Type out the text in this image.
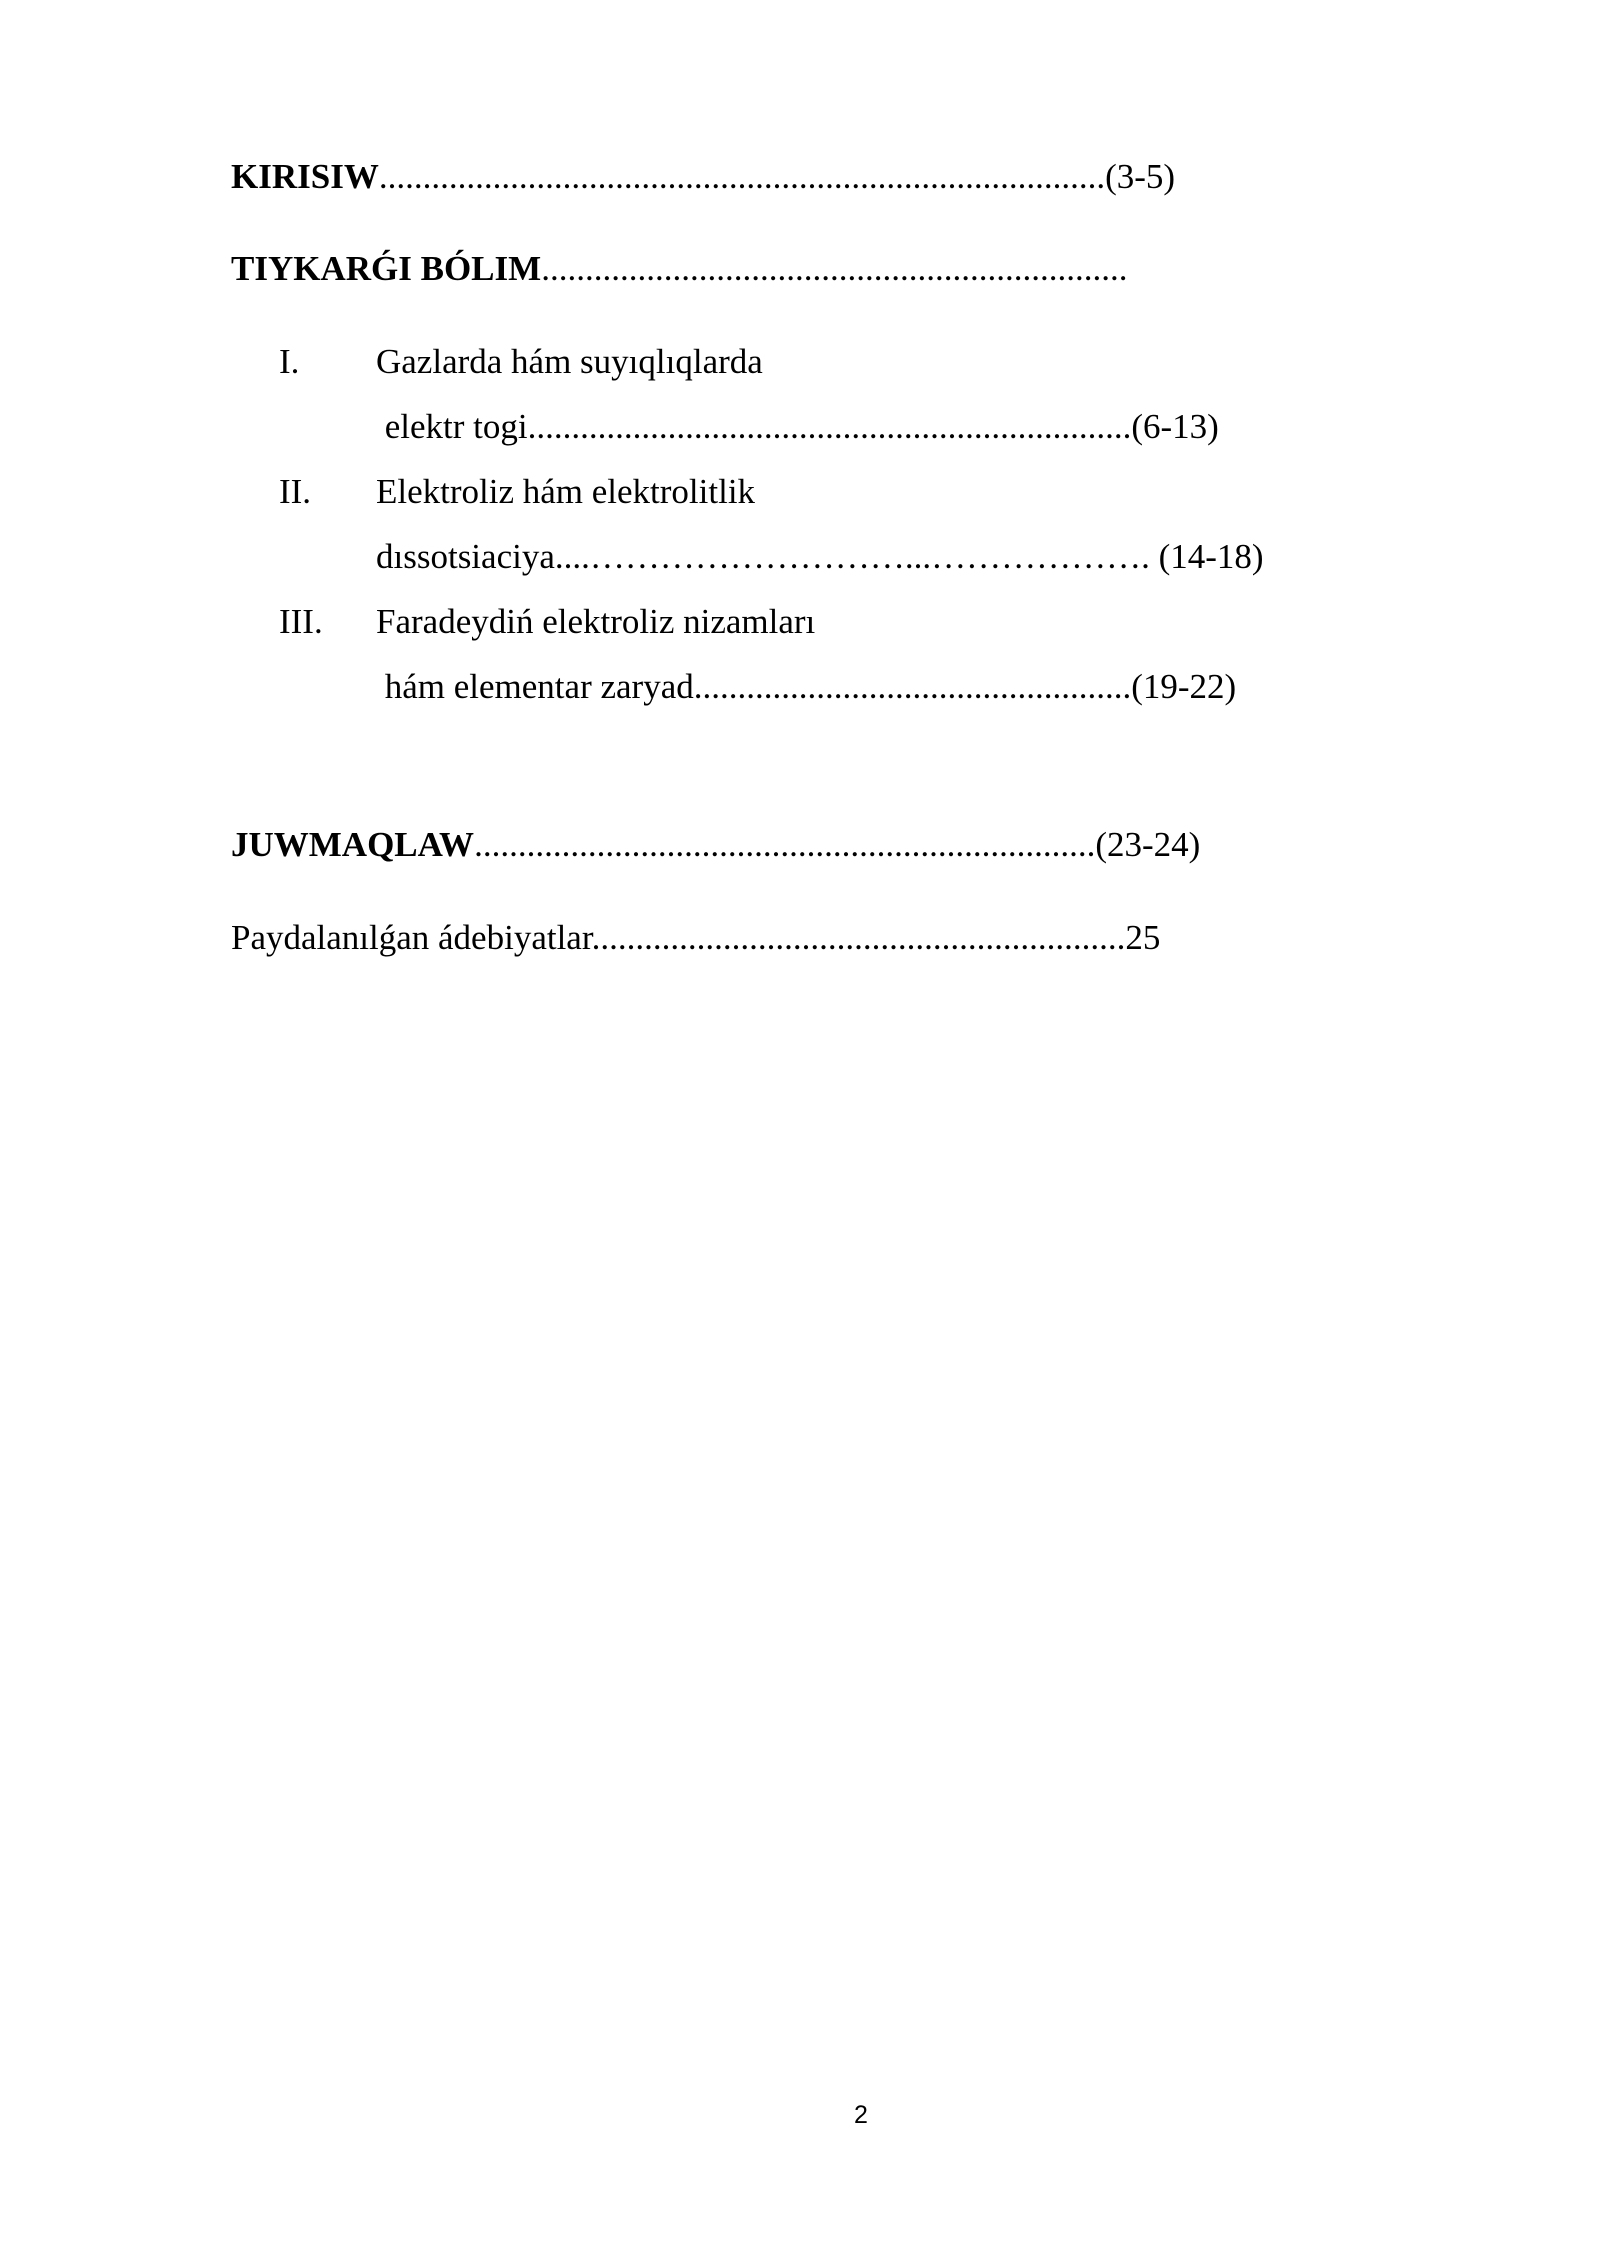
KIRISIW...................................................................................(3-5)
TIYKARǴI BÓLIM...................................................................
I. Gazlarda hám suyıqlıqlarda
elektr togi.....................................................................(6-13)
II. Elektroliz hám elektrolitlik
dıssotsiaciya....………………………...………………. (14-18)
III. Faradeydiń elektroliz nizamları
hám elementar zaryad..................................................(19-22)
JUWMAQLAW.......................................................................(23-24)
Paydalanılǵan ádebiyatlar.............................................................25
2
